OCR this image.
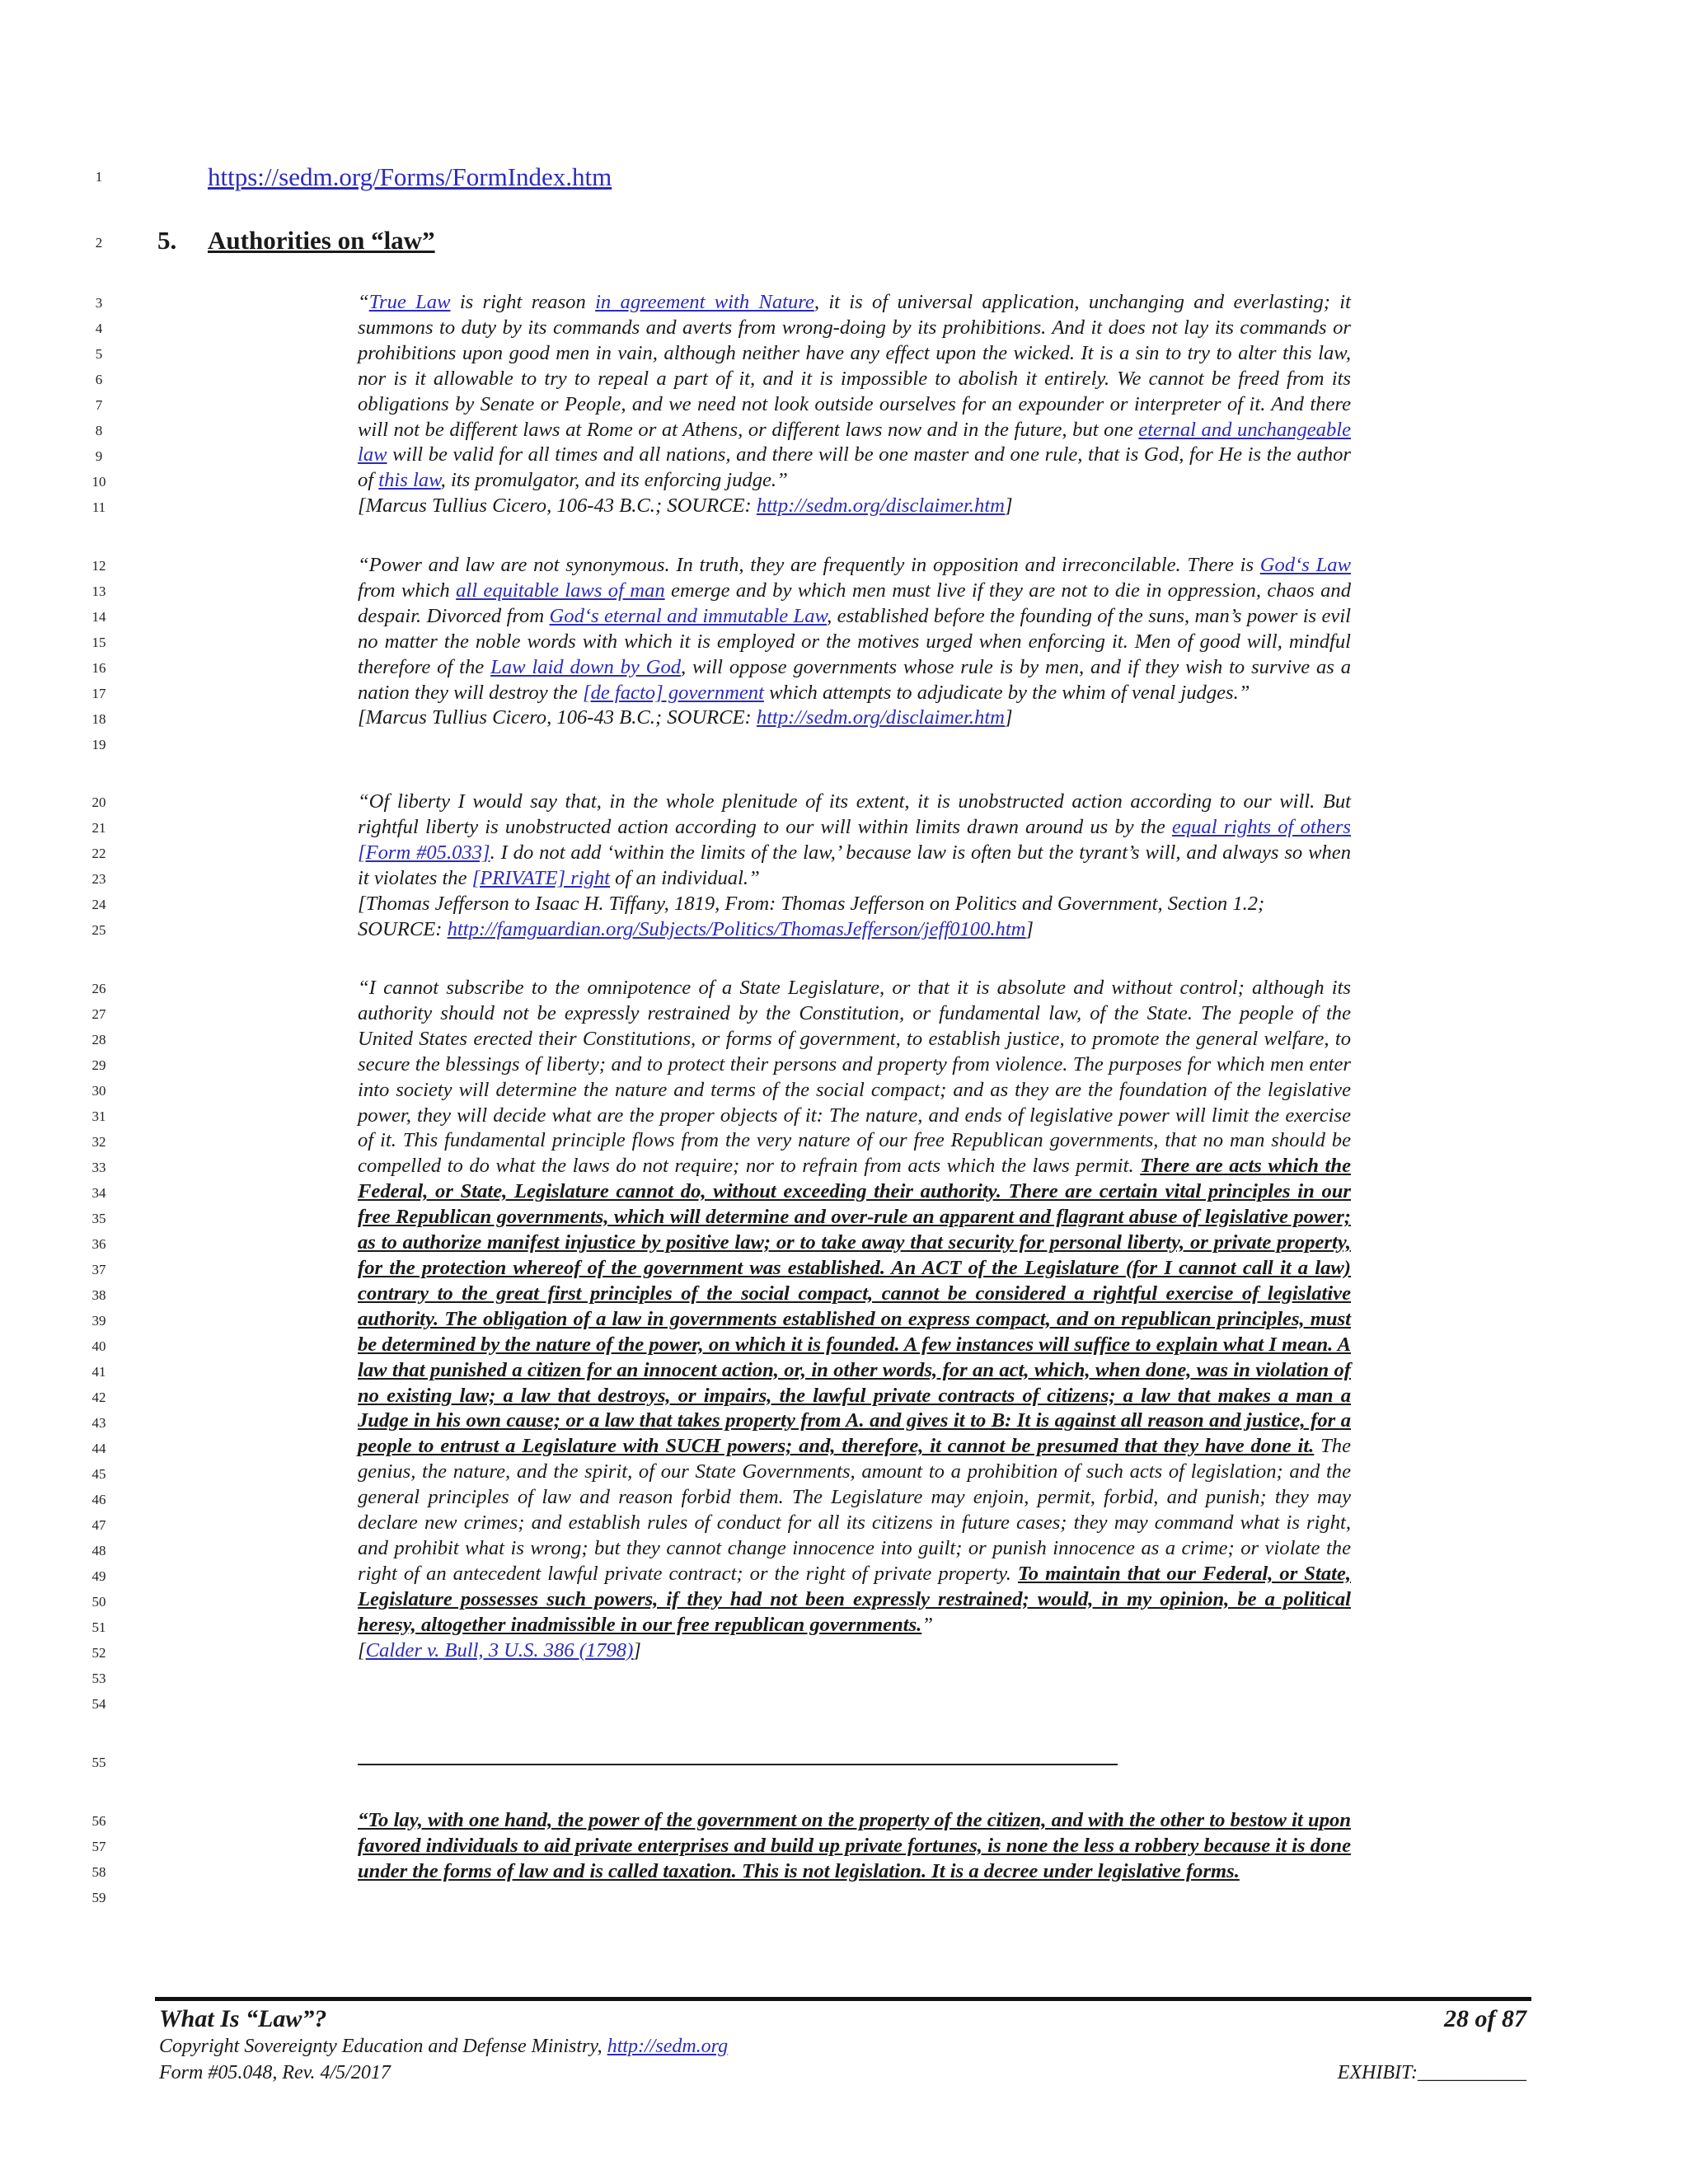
1
2
3
4
5
6
7
8
9
10
11
12
13
14
15
16
17
18
19
20
21
22
23
24
25
26
27
28
29
30
31
32
33
34
35
36
37
38
39
40
41
42
43
44
45
46
47
48
49
50
51
52
53
54
55
56
57
58
59
https://sedm.org/Forms/FormIndex.htm
5. Authorities on “law”

“True Law is right reason in agreement with Nature, it is of universal application, unchanging and everlasting; it summons to duty by its commands and averts from wrong-doing by its prohibitions. And it does not lay its commands or prohibitions upon good men in vain, although neither have any effect upon the wicked. It is a sin to try to alter this law, nor is it allowable to try to repeal a part of it, and it is impossible to abolish it entirely. We cannot be freed from its obligations by Senate or People, and we need not look outside ourselves for an expounder or interpreter of it. And there will not be different laws at Rome or at Athens, or different laws now and in the future, but one eternal and unchangeable law will be valid for all times and all nations, and there will be one master and one rule, that is God, for He is the author of this law, its promulgator, and its enforcing judge.”

[Marcus Tullius Cicero, 106-43 B.C.; SOURCE: http://sedm.org/disclaimer.htm]

“Power and law are not synonymous. In truth, they are frequently in opposition and irreconcilable. There is God‘s Law from which all equitable laws of man emerge and by which men must live if they are not to die in oppression, chaos and despair. Divorced from God‘s eternal and immutable Law, established before the founding of the suns, man’s power is evil no matter the noble words with which it is employed or the motives urged when enforcing it. Men of good will, mindful therefore of the Law laid down by God, will oppose governments whose rule is by men, and if they wish to survive as a nation they will destroy the [de facto] government which attempts to adjudicate by the whim of venal judges.”

[Marcus Tullius Cicero, 106-43 B.C.; SOURCE: http://sedm.org/disclaimer.htm]

“Of liberty I would say that, in the whole plenitude of its extent, it is unobstructed action according to our will. But rightful liberty is unobstructed action according to our will within limits drawn around us by the equal rights of others [Form #05.033]. I do not add ‘within the limits of the law,’ because law is often but the tyrant’s will, and always so when it violates the [PRIVATE] right of an individual.”

[Thomas Jefferson to Isaac H. Tiffany, 1819, From: Thomas Jefferson on Politics and Government, Section 1.2; SOURCE: http://famguardian.org/Subjects/Politics/ThomasJefferson/jeff0100.htm]

“I cannot subscribe to the omnipotence of a State Legislature, or that it is absolute and without control; although its authority should not be expressly restrained by the Constitution, or fundamental law, of the State. The people of the United States erected their Constitutions, or forms of government, to establish justice, to promote the general welfare, to secure the blessings of liberty; and to protect their persons and property from violence. The purposes for which men enter into society will determine the nature and terms of the social compact; and as they are the foundation of the legislative power, they will decide what are the proper objects of it: The nature, and ends of legislative power will limit the exercise of it. This fundamental principle flows from the very nature of our free Republican governments, that no man should be compelled to do what the laws do not require; nor to refrain from acts which the laws permit. There are acts which the Federal, or State, Legislature cannot do, without exceeding their authority. There are certain vital principles in our free Republican governments, which will determine and over-rule an apparent and flagrant abuse of legislative power; as to authorize manifest injustice by positive law; or to take away that security for personal liberty, or private property, for the protection whereof of the government was established. An ACT of the Legislature (for I cannot call it a law) contrary to the great first principles of the social compact, cannot be considered a rightful exercise of legislative authority. The obligation of a law in governments established on express compact, and on republican principles, must be determined by the nature of the power, on which it is founded. A few instances will suffice to explain what I mean. A law that punished a citizen for an innocent action, or, in other words, for an act, which, when done, was in violation of no existing law; a law that destroys, or impairs, the lawful private contracts of citizens; a law that makes a man a Judge in his own cause; or a law that takes property from A. and gives it to B: It is against all reason and justice, for a people to entrust a Legislature with SUCH powers; and, therefore, it cannot be presumed that they have done it. The genius, the nature, and the spirit, of our State Governments, amount to a prohibition of such acts of legislation; and the general principles of law and reason forbid them. The Legislature may enjoin, permit, forbid, and punish; they may declare new crimes; and establish rules of conduct for all its citizens in future cases; they may command what is right, and prohibit what is wrong; but they cannot change innocence into guilt; or punish innocence as a crime; or violate the right of an antecedent lawful private contract; or the right of private property. To maintain that our Federal, or State, Legislature possesses such powers, if they had not been expressly restrained; would, in my opinion, be a political heresy, altogether inadmissible in our free republican governments.”

[Calder v. Bull, 3 U.S. 386 (1798)]

“To lay, with one hand, the power of the government on the property of the citizen, and with the other to bestow it upon favored individuals to aid private enterprises and build up private fortunes, is none the less a robbery because it is done under the forms of law and is called taxation. This is not legislation. It is a decree under legislative forms.

What Is “Law”?	28 of 87
Copyright Sovereignty Education and Defense Ministry, http://sedm.org
Form #05.048, Rev. 4/5/2017	EXHIBIT:___________
